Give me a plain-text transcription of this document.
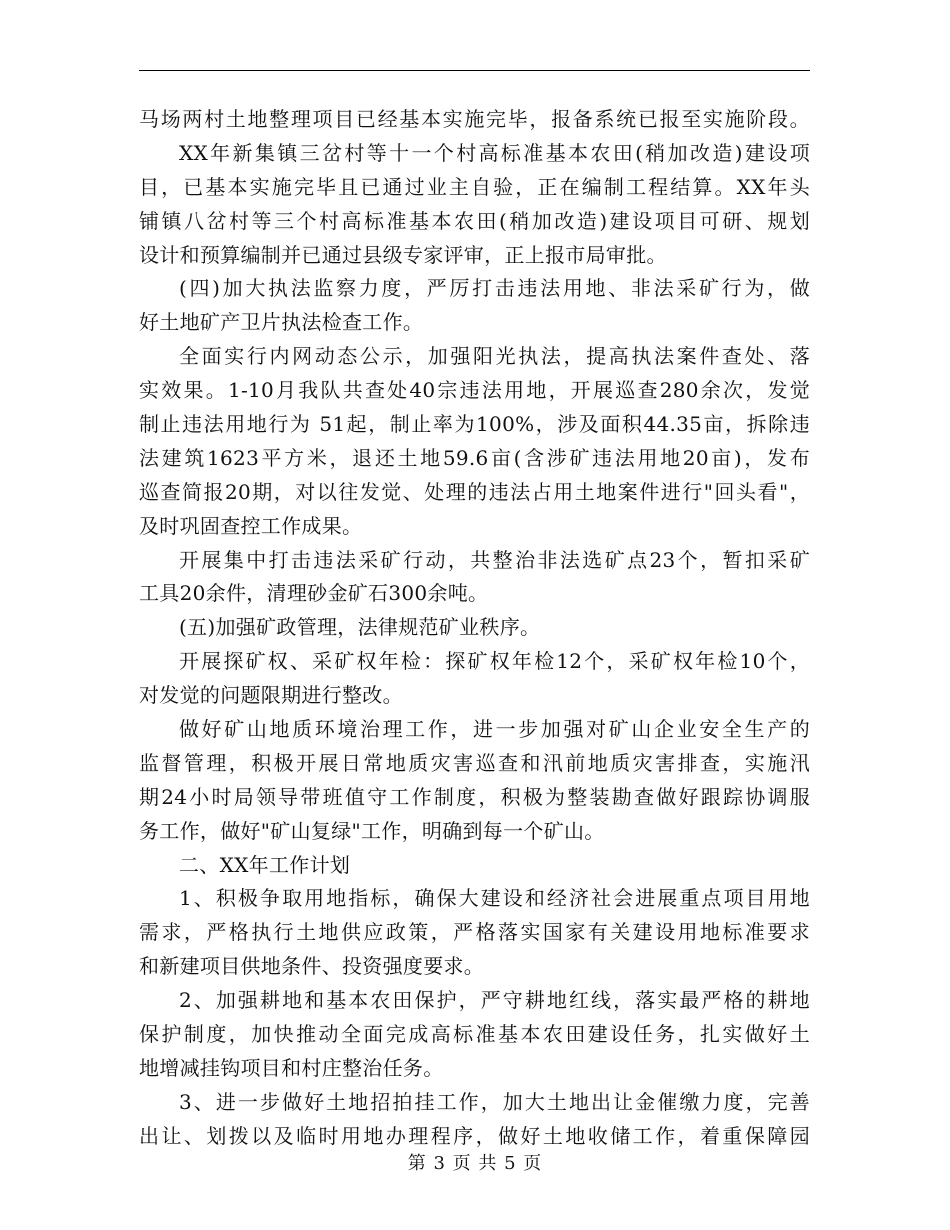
马场两村土地整理项目已经基本实施完毕，报备系统已报至实施阶段。
XX年新集镇三岔村等十一个村高标准基本农田(稍加改造)建设项
目，已基本实施完毕且已通过业主自验，正在编制工程结算。XX年头
铺镇八岔村等三个村高标准基本农田(稍加改造)建设项目可研、规划
设计和预算编制并已通过县级专家评审，正上报市局审批。
(四)加大执法监察力度，严厉打击违法用地、非法采矿行为，做
好土地矿产卫片执法检查工作。
全面实行内网动态公示，加强阳光执法，提高执法案件查处、落
实效果。1-10月我队共查处40宗违法用地，开展巡查280余次，发觉
制止违法用地行为 51起，制止率为100%，涉及面积44.35亩，拆除违
法建筑1623平方米，退还土地59.6亩(含涉矿违法用地20亩)，发布
巡查简报20期，对以往发觉、处理的违法占用土地案件进行"回头看"，
及时巩固查控工作成果。
开展集中打击违法采矿行动，共整治非法选矿点23个，暂扣采矿
工具20余件，清理砂金矿石300余吨。
(五)加强矿政管理，法律规范矿业秩序。
开展探矿权、采矿权年检：探矿权年检12个，采矿权年检10个，
对发觉的问题限期进行整改。
做好矿山地质环境治理工作，进一步加强对矿山企业安全生产的
监督管理，积极开展日常地质灾害巡查和汛前地质灾害排查，实施汛
期24小时局领导带班值守工作制度，积极为整装勘查做好跟踪协调服
务工作，做好"矿山复绿"工作，明确到每一个矿山。
二、XX年工作计划
1、积极争取用地指标，确保大建设和经济社会进展重点项目用地
需求，严格执行土地供应政策，严格落实国家有关建设用地标准要求
和新建项目供地条件、投资强度要求。
2、加强耕地和基本农田保护，严守耕地红线，落实最严格的耕地
保护制度，加快推动全面完成高标准基本农田建设任务，扎实做好土
地增减挂钩项目和村庄整治任务。
3、进一步做好土地招拍挂工作，加大土地出让金催缴力度，完善
出让、划拨以及临时用地办理程序，做好土地收储工作，着重保障园
第 3 页 共 5 页
